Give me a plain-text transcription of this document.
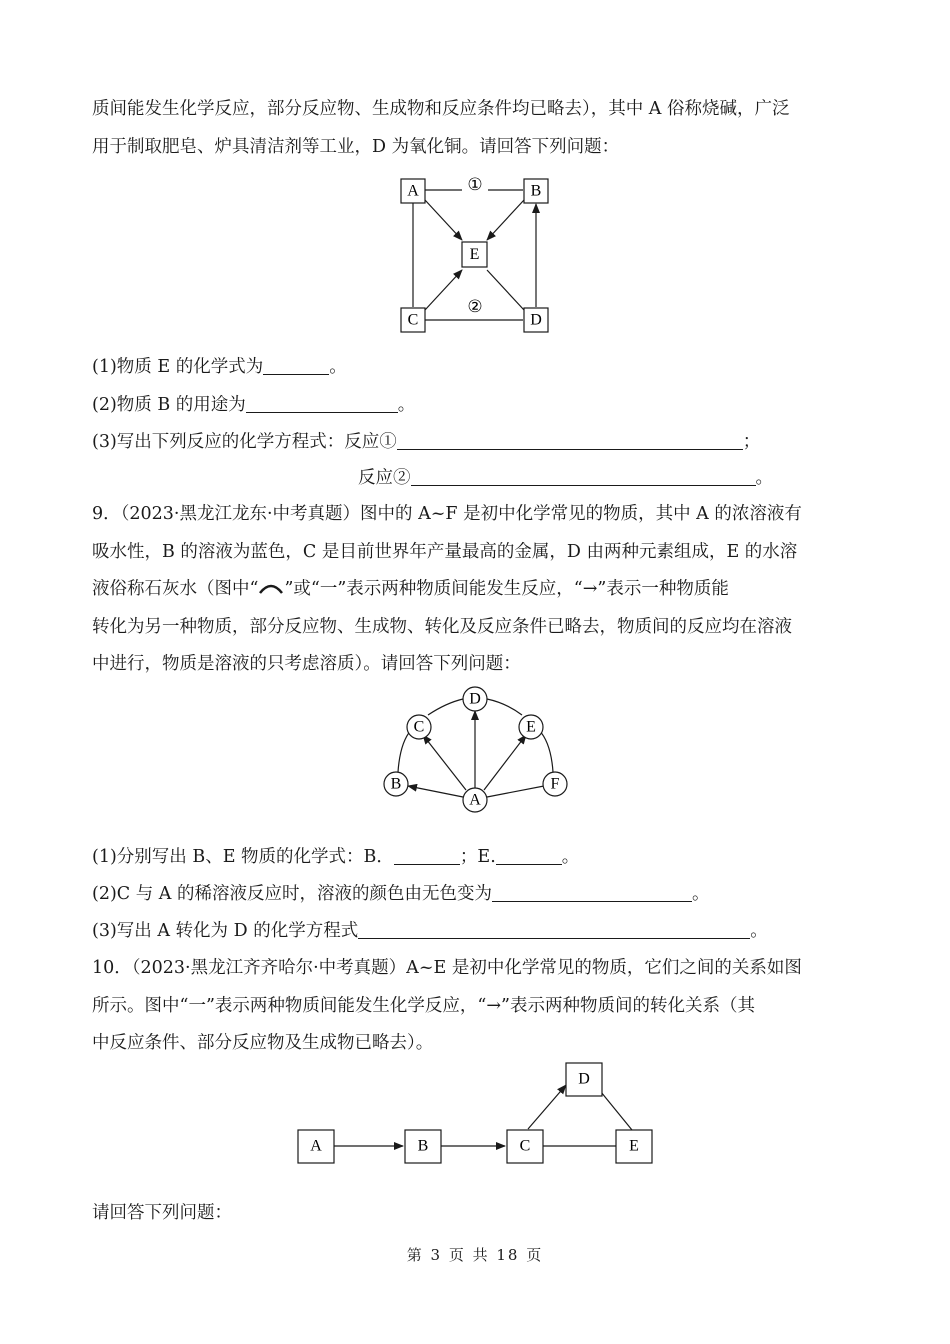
质间能发生化学反应，部分反应物、生成物和反应条件均已略去），其中 A 俗称烧碱，广泛
用于制取肥皂、炉具清洁剂等工业，D 为氧化铜。请回答下列问题：
①
②
A	B
C	D
E
(1)物质 E 的化学式为	。
(2)物质 B 的用途为	。
(3)写出下列反应的化学方程式：反应①	；
反应②	。
9．（2023·黑龙江龙东·中考真题）图中的 A~F 是初中化学常见的物质，其中 A 的浓溶液有
吸水性，B 的溶液为蓝色，C 是目前世界年产量最高的金属，D 由两种元素组成，E 的水溶
液俗称石灰水（图中“ ”或“一”表示两种物质间能发生反应，“→”表示一种物质能
转化为另一种物质，部分反应物、生成物、转化及反应条件已略去，物质间的反应均在溶液
中进行，物质是溶液的只考虑溶质）。请回答下列问题：
A
B
C
D
E
F
(1)分别写出 B、E 物质的化学式：B．	；E.	。
(2)C 与 A 的稀溶液反应时，溶液的颜色由无色变为	。
(3)写出 A 转化为 D 的化学方程式	。
10．（2023·黑龙江齐齐哈尔·中考真题）A~E 是初中化学常见的物质，它们之间的关系如图
所示。图中“一”表示两种物质间能发生化学反应，“→”表示两种物质间的转化关系（其
中反应条件、部分反应物及生成物已略去）。
A	B	C
D
E
请回答下列问题：
第 3 页 共 18 页
